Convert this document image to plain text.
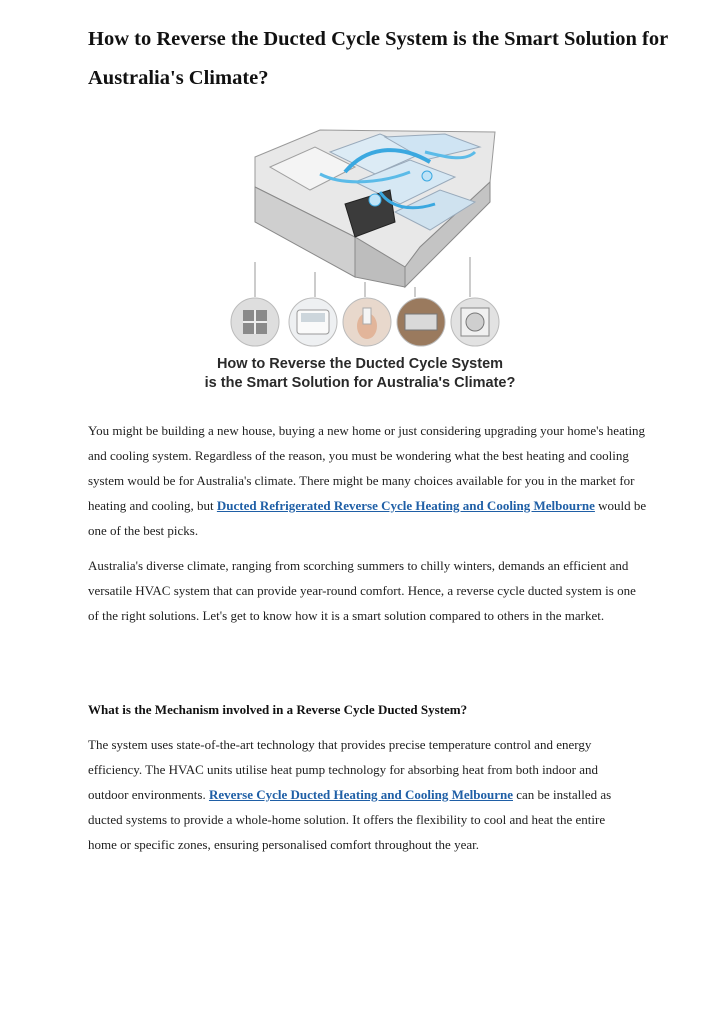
How to Reverse the Ducted Cycle System is the Smart Solution for Australia's Climate?
How to Reverse the Ducted Cycle System
is the Smart Solution for Australia's Climate?

You might be building a new house, buying a new home or just considering upgrading your home's heating and cooling system. Regardless of the reason, you must be wondering what the best heating and cooling system would be for Australia's climate. There might be many choices available for you in the market for heating and cooling, but Ducted Refrigerated Reverse Cycle Heating and Cooling Melbourne would be one of the best picks.

Australia's diverse climate, ranging from scorching summers to chilly winters, demands an efficient and versatile HVAC system that can provide year-round comfort. Hence, a reverse cycle ducted system is one of the right solutions. Let's get to know how it is a smart solution compared to others in the market.

What is the Mechanism involved in a Reverse Cycle Ducted System?

The system uses state-of-the-art technology that provides precise temperature control and energy efficiency. The HVAC units utilise heat pump technology for absorbing heat from both indoor and outdoor environments. Reverse Cycle Ducted Heating and Cooling Melbourne can be installed as ducted systems to provide a whole-home solution. It offers the flexibility to cool and heat the entire home or specific zones, ensuring personalised comfort throughout the year.
